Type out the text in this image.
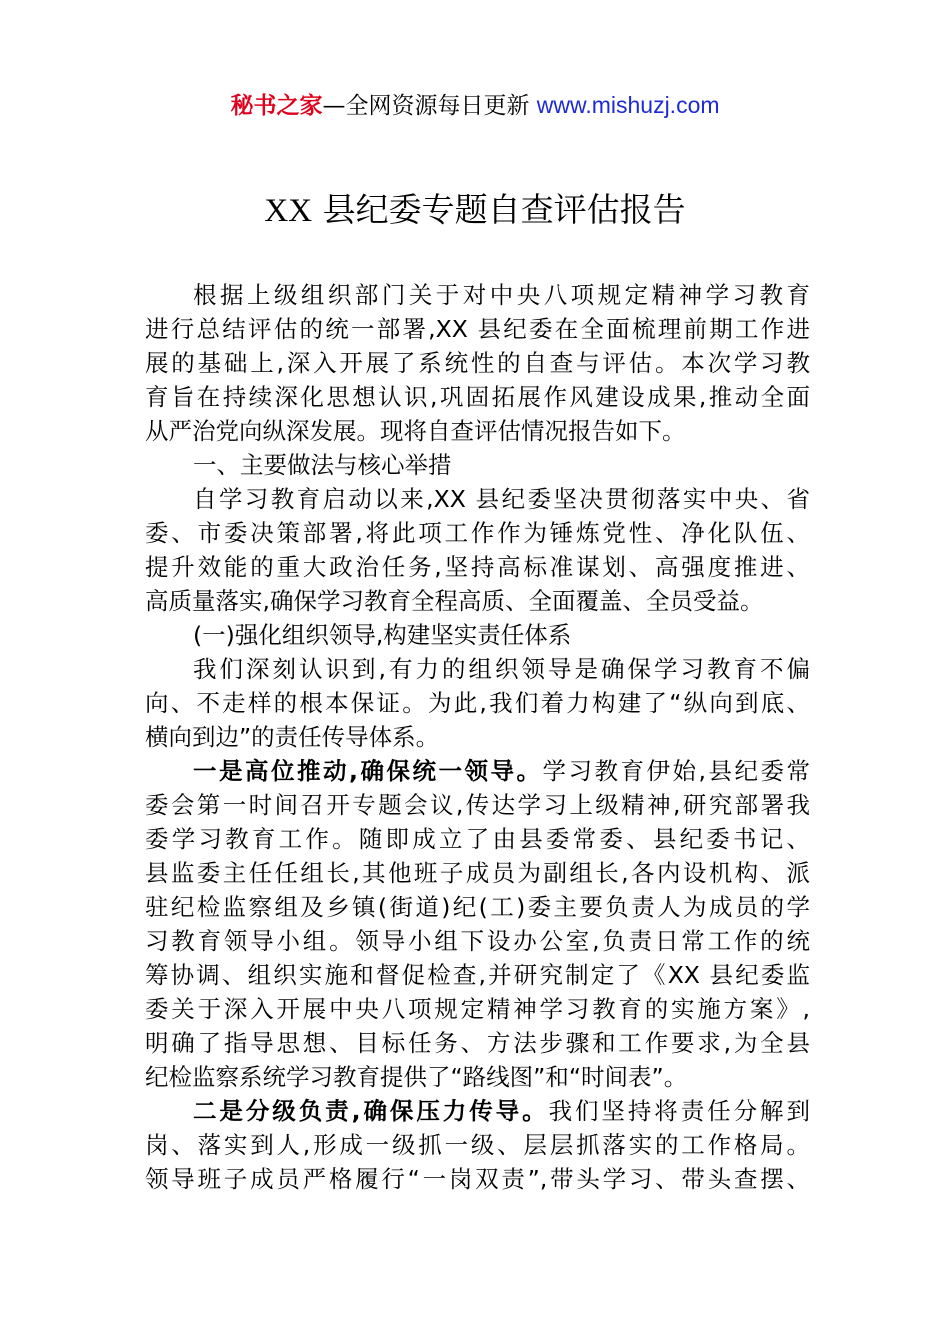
秘书之家—全网资源每日更新 www.mishuzj.com
XX 县纪委专题自查评估报告
根据上级组织部门关于对中央八项规定精神学习教育
进行总结评估的统一部署,XX 县纪委在全面梳理前期工作进
展的基础上,深入开展了系统性的自查与评估。本次学习教
育旨在持续深化思想认识,巩固拓展作风建设成果,推动全面
从严治党向纵深发展。现将自查评估情况报告如下。
一、主要做法与核心举措
自学习教育启动以来,XX 县纪委坚决贯彻落实中央、省
委、市委决策部署,将此项工作作为锤炼党性、净化队伍、
提升效能的重大政治任务,坚持高标准谋划、高强度推进、
高质量落实,确保学习教育全程高质、全面覆盖、全员受益。
(一)强化组织领导,构建坚实责任体系
我们深刻认识到,有力的组织领导是确保学习教育不偏
向、不走样的根本保证。为此,我们着力构建了“纵向到底、
横向到边”的责任传导体系。
一是高位推动,确保统一领导。学习教育伊始,县纪委常
委会第一时间召开专题会议,传达学习上级精神,研究部署我
委学习教育工作。随即成立了由县委常委、县纪委书记、
县监委主任任组长,其他班子成员为副组长,各内设机构、派
驻纪检监察组及乡镇(街道)纪(工)委主要负责人为成员的学
习教育领导小组。领导小组下设办公室,负责日常工作的统
筹协调、组织实施和督促检查,并研究制定了《XX 县纪委监
委关于深入开展中央八项规定精神学习教育的实施方案》,
明确了指导思想、目标任务、方法步骤和工作要求,为全县
纪检监察系统学习教育提供了“路线图”和“时间表”。
二是分级负责,确保压力传导。我们坚持将责任分解到
岗、落实到人,形成一级抓一级、层层抓落实的工作格局。
领导班子成员严格履行“一岗双责”,带头学习、带头查摆、
